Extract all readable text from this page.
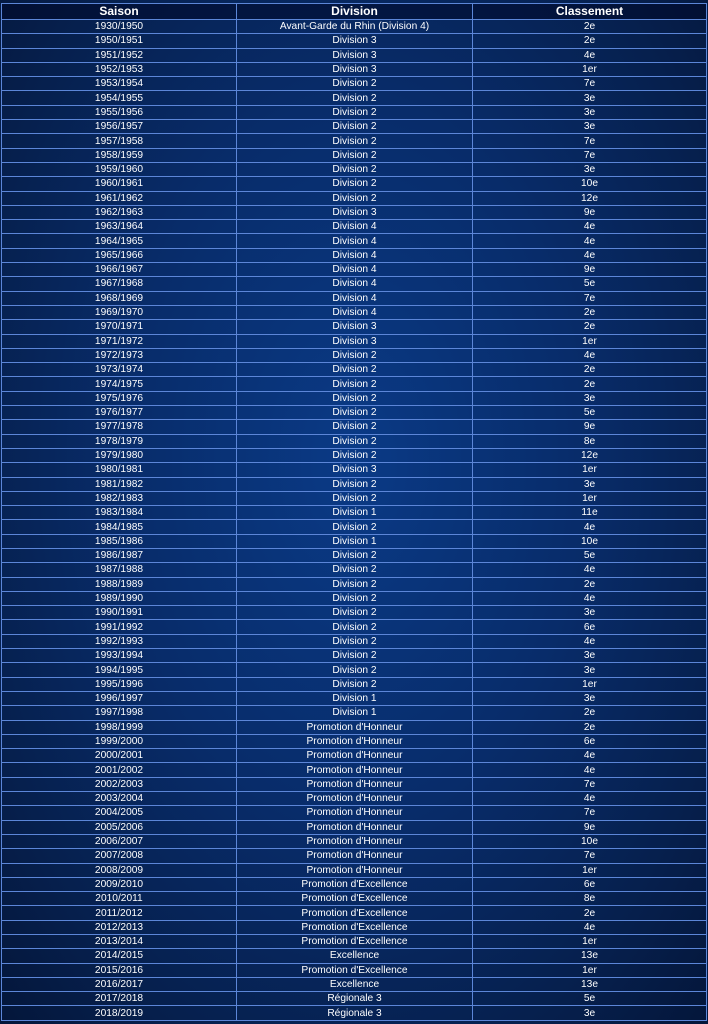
Saison	Division	Classement
1930/1950	Avant-Garde du Rhin (Division 4)	2e
1950/1951	Division 3	2e
1951/1952	Division 3	4e
1952/1953	Division 3	1er
1953/1954	Division 2	7e
1954/1955	Division 2	3e
1955/1956	Division 2	3e
1956/1957	Division 2	3e
1957/1958	Division 2	7e
1958/1959	Division 2	7e
1959/1960	Division 2	3e
1960/1961	Division 2	10e
1961/1962	Division 2	12e
1962/1963	Division 3	9e
1963/1964	Division 4	4e
1964/1965	Division 4	4e
1965/1966	Division 4	4e
1966/1967	Division 4	9e
1967/1968	Division 4	5e
1968/1969	Division 4	7e
1969/1970	Division 4	2e
1970/1971	Division 3	2e
1971/1972	Division 3	1er
1972/1973	Division 2	4e
1973/1974	Division 2	2e
1974/1975	Division 2	2e
1975/1976	Division 2	3e
1976/1977	Division 2	5e
1977/1978	Division 2	9e
1978/1979	Division 2	8e
1979/1980	Division 2	12e
1980/1981	Division 3	1er
1981/1982	Division 2	3e
1982/1983	Division 2	1er
1983/1984	Division 1	11e
1984/1985	Division 2	4e
1985/1986	Division 1	10e
1986/1987	Division 2	5e
1987/1988	Division 2	4e
1988/1989	Division 2	2e
1989/1990	Division 2	4e
1990/1991	Division 2	3e
1991/1992	Division 2	6e
1992/1993	Division 2	4e
1993/1994	Division 2	3e
1994/1995	Division 2	3e
1995/1996	Division 2	1er
1996/1997	Division 1	3e
1997/1998	Division 1	2e
1998/1999	Promotion d'Honneur	2e
1999/2000	Promotion d'Honneur	6e
2000/2001	Promotion d'Honneur	4e
2001/2002	Promotion d'Honneur	4e
2002/2003	Promotion d'Honneur	7e
2003/2004	Promotion d'Honneur	4e
2004/2005	Promotion d'Honneur	7e
2005/2006	Promotion d'Honneur	9e
2006/2007	Promotion d'Honneur	10e
2007/2008	Promotion d'Honneur	7e
2008/2009	Promotion d'Honneur	1er
2009/2010	Promotion d'Excellence	6e
2010/2011	Promotion d'Excellence	8e
2011/2012	Promotion d'Excellence	2e
2012/2013	Promotion d'Excellence	4e
2013/2014	Promotion d'Excellence	1er
2014/2015	Excellence	13e
2015/2016	Promotion d'Excellence	1er
2016/2017	Excellence	13e
2017/2018	Régionale 3	5e
2018/2019	Régionale 3	3e
